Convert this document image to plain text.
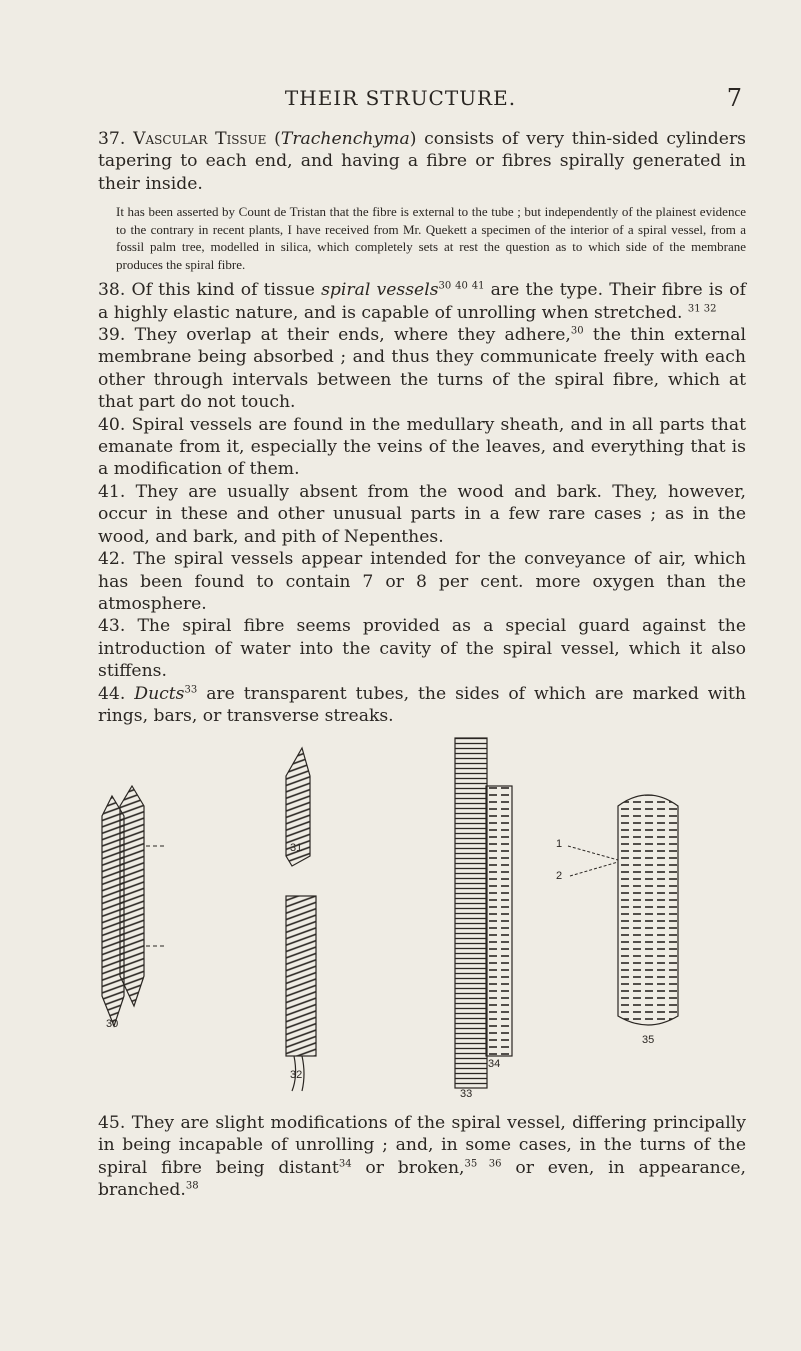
THEIR STRUCTURE.	7

37. Vascular Tissue (Trachenchyma) consists of very thin-sided cylinders tapering to each end, and having a fibre or fibres spirally generated in their inside.

It has been asserted by Count de Tristan that the fibre is external to the tube ; but independently of the plainest evidence to the contrary in recent plants, I have received from Mr. Quekett a specimen of the interior of a spiral vessel, from a fossil palm tree, modelled in silica, which completely sets at rest the question as to which side of the membrane produces the spiral fibre.

38. Of this kind of tissue spiral vessels$^{30 40 41}$ are the type. Their fibre is of a highly elastic nature, and is capable of unrolling when stretched. $^{31 32}$

39. They overlap at their ends, where they adhere,$^{30}$ the thin external membrane being absorbed ; and thus they communicate freely with each other through intervals between the turns of the spiral fibre, which at that part do not touch.

40. Spiral vessels are found in the medullary sheath, and in all parts that emanate from it, especially the veins of the leaves, and everything that is a modification of them.

41. They are usually absent from the wood and bark. They, however, occur in these and other unusual parts in a few rare cases ; as in the wood, and bark, and pith of Nepenthes.

42. The spiral vessels appear intended for the conveyance of air, which has been found to contain 7 or 8 per cent. more oxygen than the atmosphere.

43. The spiral fibre seems provided as a special guard against the introduction of water into the cavity of the spiral vessel, which it also stiffens.

44. Ducts$^{33}$ are transparent tubes, the sides of which are marked with rings, bars, or transverse streaks.

30
31
32
33
34
35
1
2

45. They are slight modifications of the spiral vessel, differing principally in being incapable of unrolling ; and, in some cases, in the turns of the spiral fibre being distant$^{34}$ or broken,$^{35 36}$ or even, in appearance, branched.$^{38}$
